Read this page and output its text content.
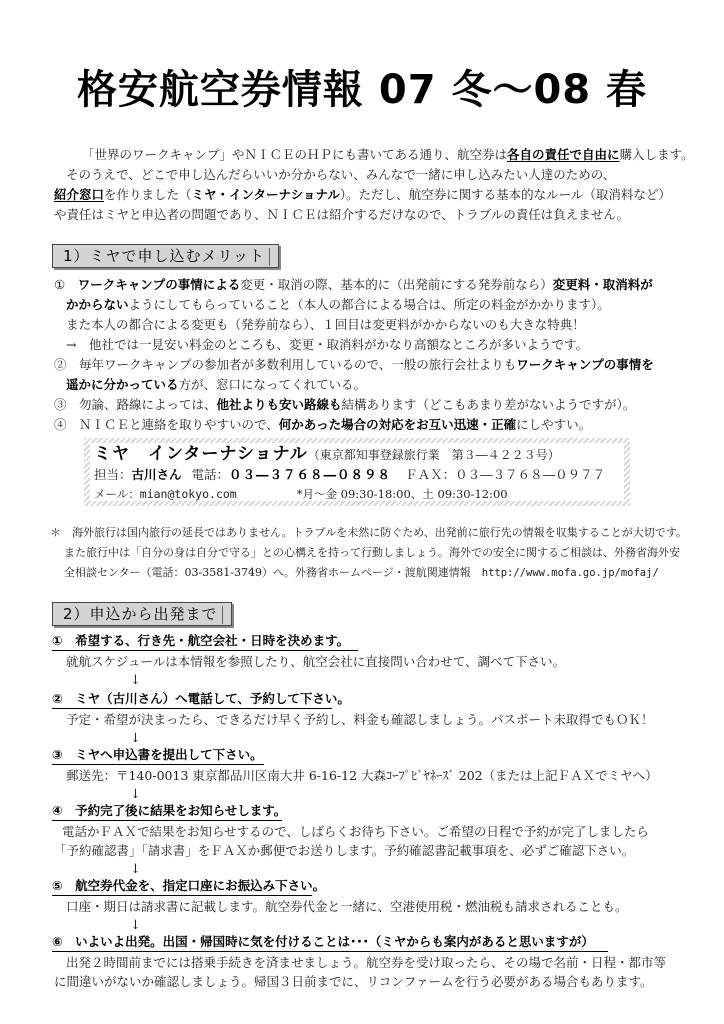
格安航空券情報 07 冬～08 春
「世界のワークキャンプ」やＮＩＣＥのＨＰにも書いてある通り、航空券は各自の責任で自由に購入します。
そのうえで、どこで申し込んだらいいか分からない、みんなで一緒に申し込みたい人達のための、
紹介窓口を作りました（ミヤ・インターナショナル）。ただし、航空券に関する基本的なルール（取消料など）
や責任はミヤと申込者の問題であり、ＮＩＣＥは紹介するだけなので、トラブルの責任は負えません。
1）ミヤで申し込むメリット
①　ワークキャンプの事情による変更・取消の際、基本的に（出発前にする発券前なら）変更料・取消料が
かからないようにしてもらっていること（本人の都合による場合は、所定の料金がかかります）。
また本人の都合による変更も（発券前なら）、１回目は変更料がかからないのも大きな特典！
→　他社では一見安い料金のところも、変更・取消料がかなり高額なところが多いようです。
②　毎年ワークキャンプの参加者が多数利用しているので、一般の旅行会社よりもワークキャンプの事情を
遥かに分かっている方が、窓口になってくれている。
③　勿論、路線によっては、他社よりも安い路線も結構あります（どこもあまり差がないようですが）。
④　ＮＩＣＥと連絡を取りやすいので、何かあった場合の対応をお互い迅速・正確にしやすい。
ミヤ　インターナショナル（東京都知事登録旅行業　第３―４２２３号）
担当：古川さん 電話：０３―３７６８―０８９８ ＦＡＸ：０３―３７６８―０９７７
メール：mian@tokyo.com	*月～金 09:30-18:00、土 09:30-12:00
＊　海外旅行は国内旅行の延長ではありません。トラブルを未然に防ぐため、出発前に旅行先の情報を収集することが大切です。
また旅行中は「自分の身は自分で守る」との心構えを持って行動しましょう。海外での安全に関するご相談は、外務省海外安
全相談センター（電話：03-3581-3749）へ。外務省ホームページ・渡航関連情報　http://www.mofa.go.jp/mofaj/
2）申込から出発まで
①　希望する、行き先・航空会社・日時を決めます。
就航スケジュールは本情報を参照したり、航空会社に直接問い合わせて、調べて下さい。
↓
②　ミヤ（古川さん）へ電話して、予約して下さい。
予定・希望が決まったら、できるだけ早く予約し、料金も確認しましょう。パスポート未取得でもＯＫ！
↓
③　ミヤへ申込書を提出して下さい。
郵送先：〒140-0013 東京都品川区南大井 6-16-12 大森ｺｰﾌﾟﾋﾞﾔﾈｰｽﾞ 202（または上記ＦＡＸでミヤへ）
↓
④　予約完了後に結果をお知らせします。
電話かＦＡＸで結果をお知らせするので、しばらくお待ち下さい。ご希望の日程で予約が完了しましたら
「予約確認書」「請求書」をＦＡＸか郵便でお送りします。予約確認書記載事項を、必ずご確認下さい。
↓
⑤　航空券代金を、指定口座にお振込み下さい。
口座・期日は請求書に記載します。航空券代金と一緒に、空港使用税・燃油税も請求されることも。
↓
⑥　いよいよ出発。出国・帰国時に気を付けることは･･･（ミヤからも案内があると思いますが）
出発２時間前までには搭乗手続きを済ませましょう。航空券を受け取ったら、その場で名前・日程・都市等
に間違いがないか確認しましょう。帰国３日前までに、リコンファームを行う必要がある場合もあります。
